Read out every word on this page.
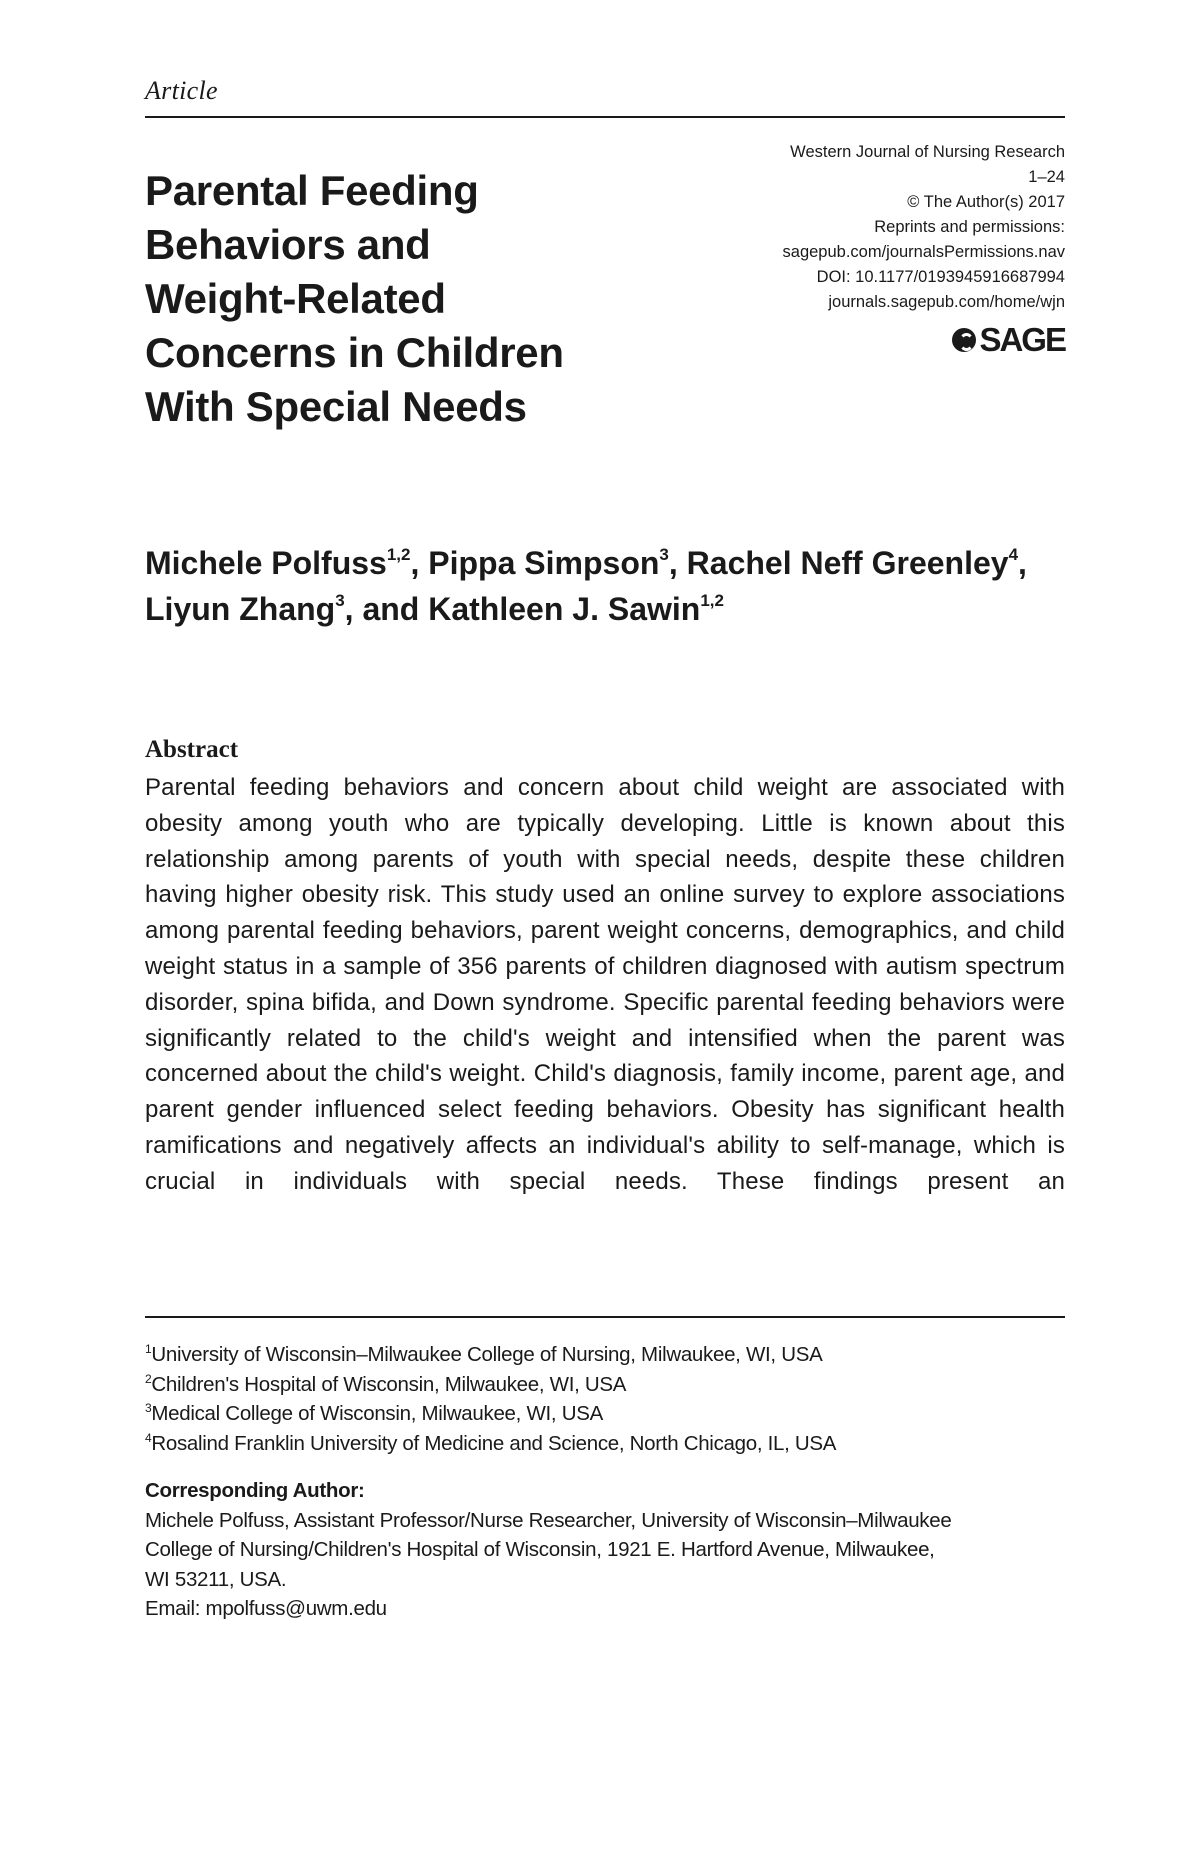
Article
Parental Feeding
Behaviors and
Weight-Related
Concerns in Children
With Special Needs
Western Journal of Nursing Research
1–24
© The Author(s) 2017
Reprints and permissions:
sagepub.com/journalsPermissions.nav
DOI: 10.1177/0193945916687994
journals.sagepub.com/home/wjn
SAGE

Michele Polfuss$^{1,2}$, Pippa Simpson$^3$, Rachel Neff Greenley$^4$, Liyun Zhang$^3$, and Kathleen J. Sawin$^{1,2}$

Abstract

Parental feeding behaviors and concern about child weight are associated with obesity among youth who are typically developing. Little is known about this relationship among parents of youth with special needs, despite these children having higher obesity risk. This study used an online survey to explore associations among parental feeding behaviors, parent weight concerns, demographics, and child weight status in a sample of 356 parents of children diagnosed with autism spectrum disorder, spina bifida, and Down syndrome. Specific parental feeding behaviors were significantly related to the child's weight and intensified when the parent was concerned about the child's weight. Child's diagnosis, family income, parent age, and parent gender influenced select feeding behaviors. Obesity has significant health ramifications and negatively affects an individual's ability to self-manage, which is crucial in individuals with special needs. These findings present an

$^1$University of Wisconsin–Milwaukee College of Nursing, Milwaukee, WI, USA
$^2$Children's Hospital of Wisconsin, Milwaukee, WI, USA
$^3$Medical College of Wisconsin, Milwaukee, WI, USA
$^4$Rosalind Franklin University of Medicine and Science, North Chicago, IL, USA
Corresponding Author:
Michele Polfuss, Assistant Professor/Nurse Researcher, University of Wisconsin–Milwaukee
College of Nursing/Children's Hospital of Wisconsin, 1921 E. Hartford Avenue, Milwaukee,
WI 53211, USA.
Email: mpolfuss@uwm.edu
